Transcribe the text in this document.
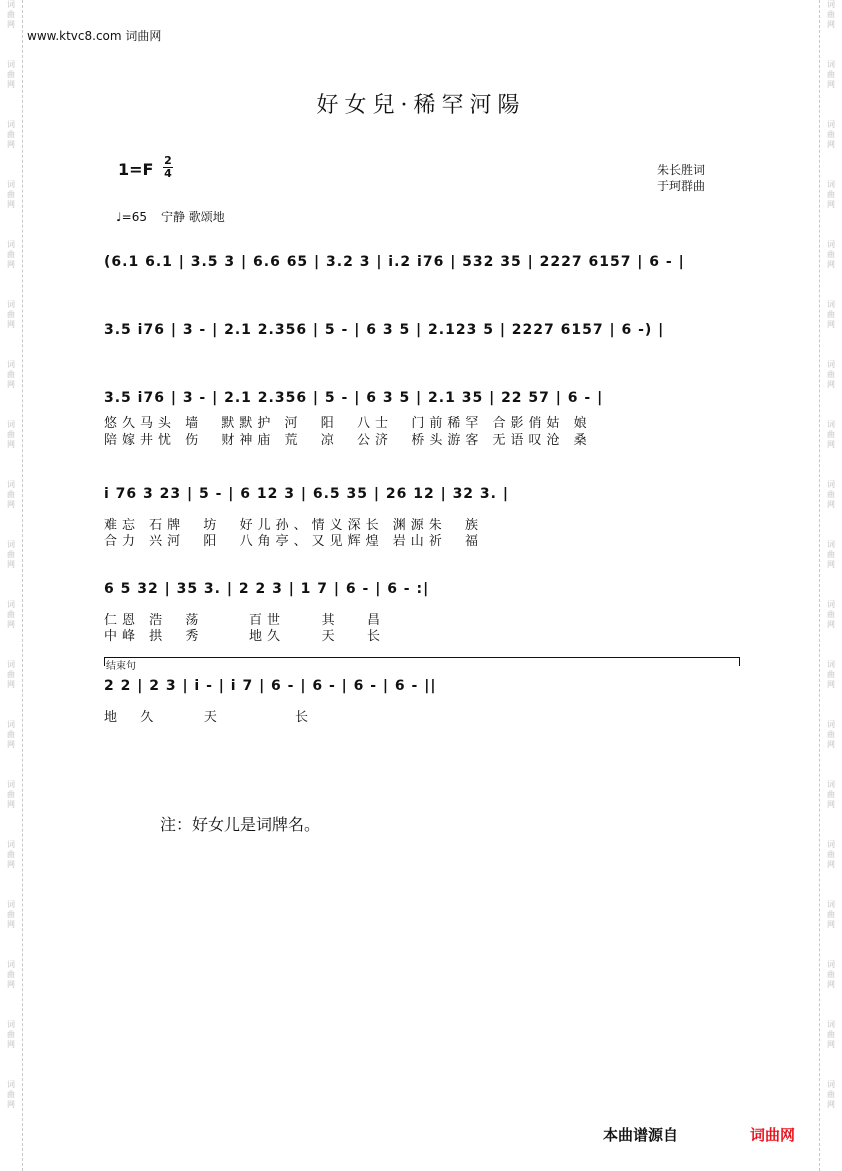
词
曲
网
词
曲
网
词
曲
网
词
曲
网
词
曲
网
词
曲
网
词
曲
网
词
曲
网
词
曲
网
词
曲
网
词
曲
网
词
曲
网
词
曲
网
词
曲
网
词
曲
网
词
曲
网
词
曲
网
词
曲
网
词
曲
网
词
曲
网
词
曲
网
词
曲
网
词
曲
网
词
曲
网
词
曲
网
词
曲
网
词
曲
网
词
曲
网
词
曲
网
词
曲
网
词
曲
网
词
曲
网
词
曲
网
词
曲
网
词
曲
网
词
曲
网
词
曲
网
词
曲
网
www.ktvc8.com 词曲网
好女兒·稀罕河陽
1=F 2
4	朱长胜词
于珂群曲
♩=65 宁静 歌颂地
(6.1 6.1 | 3.5 3 | 6.6 65 | 3.2 3 | i.2 i76 | 532 35 | 2227 6157 | 6 - |
3.5 i76 | 3 - | 2.1 2.356 | 5 - | 6 3 5 | 2.123 5 | 2227 6157 | 6 -) |
3.5 i76 | 3 - | 2.1 2.356 | 5 - | 6 3 5 | 2.1 35 | 22 57 | 6 - |
悠久马头 墙  默默护 河  阳  八士  门前稀罕 合影俏姑 娘
陪嫁井忧 伤  财神庙 荒  凉  公济  桥头游客 无语叹沧 桑
i 76 3 23 | 5 - | 6 12 3 | 6.5 35 | 26 12 | 32 3. |
难忘 石牌  坊  好儿孙、情义深长 渊源朱  族
合力 兴河  阳  八角亭、又见辉煌 岩山祈  福
6 5 32 | 35 3. | 2 2 3 | 1 7 | 6 - | 6 - :|
仁恩 浩  荡     百世    其   昌
中峰 拱  秀     地久    天   长
结束句
2 2 | 2 3 | i - | i 7 | 6 - | 6 - | 6 - | 6 - ||
地  久     天        长
注：好女儿是词牌名。
本曲谱源自	词曲网
